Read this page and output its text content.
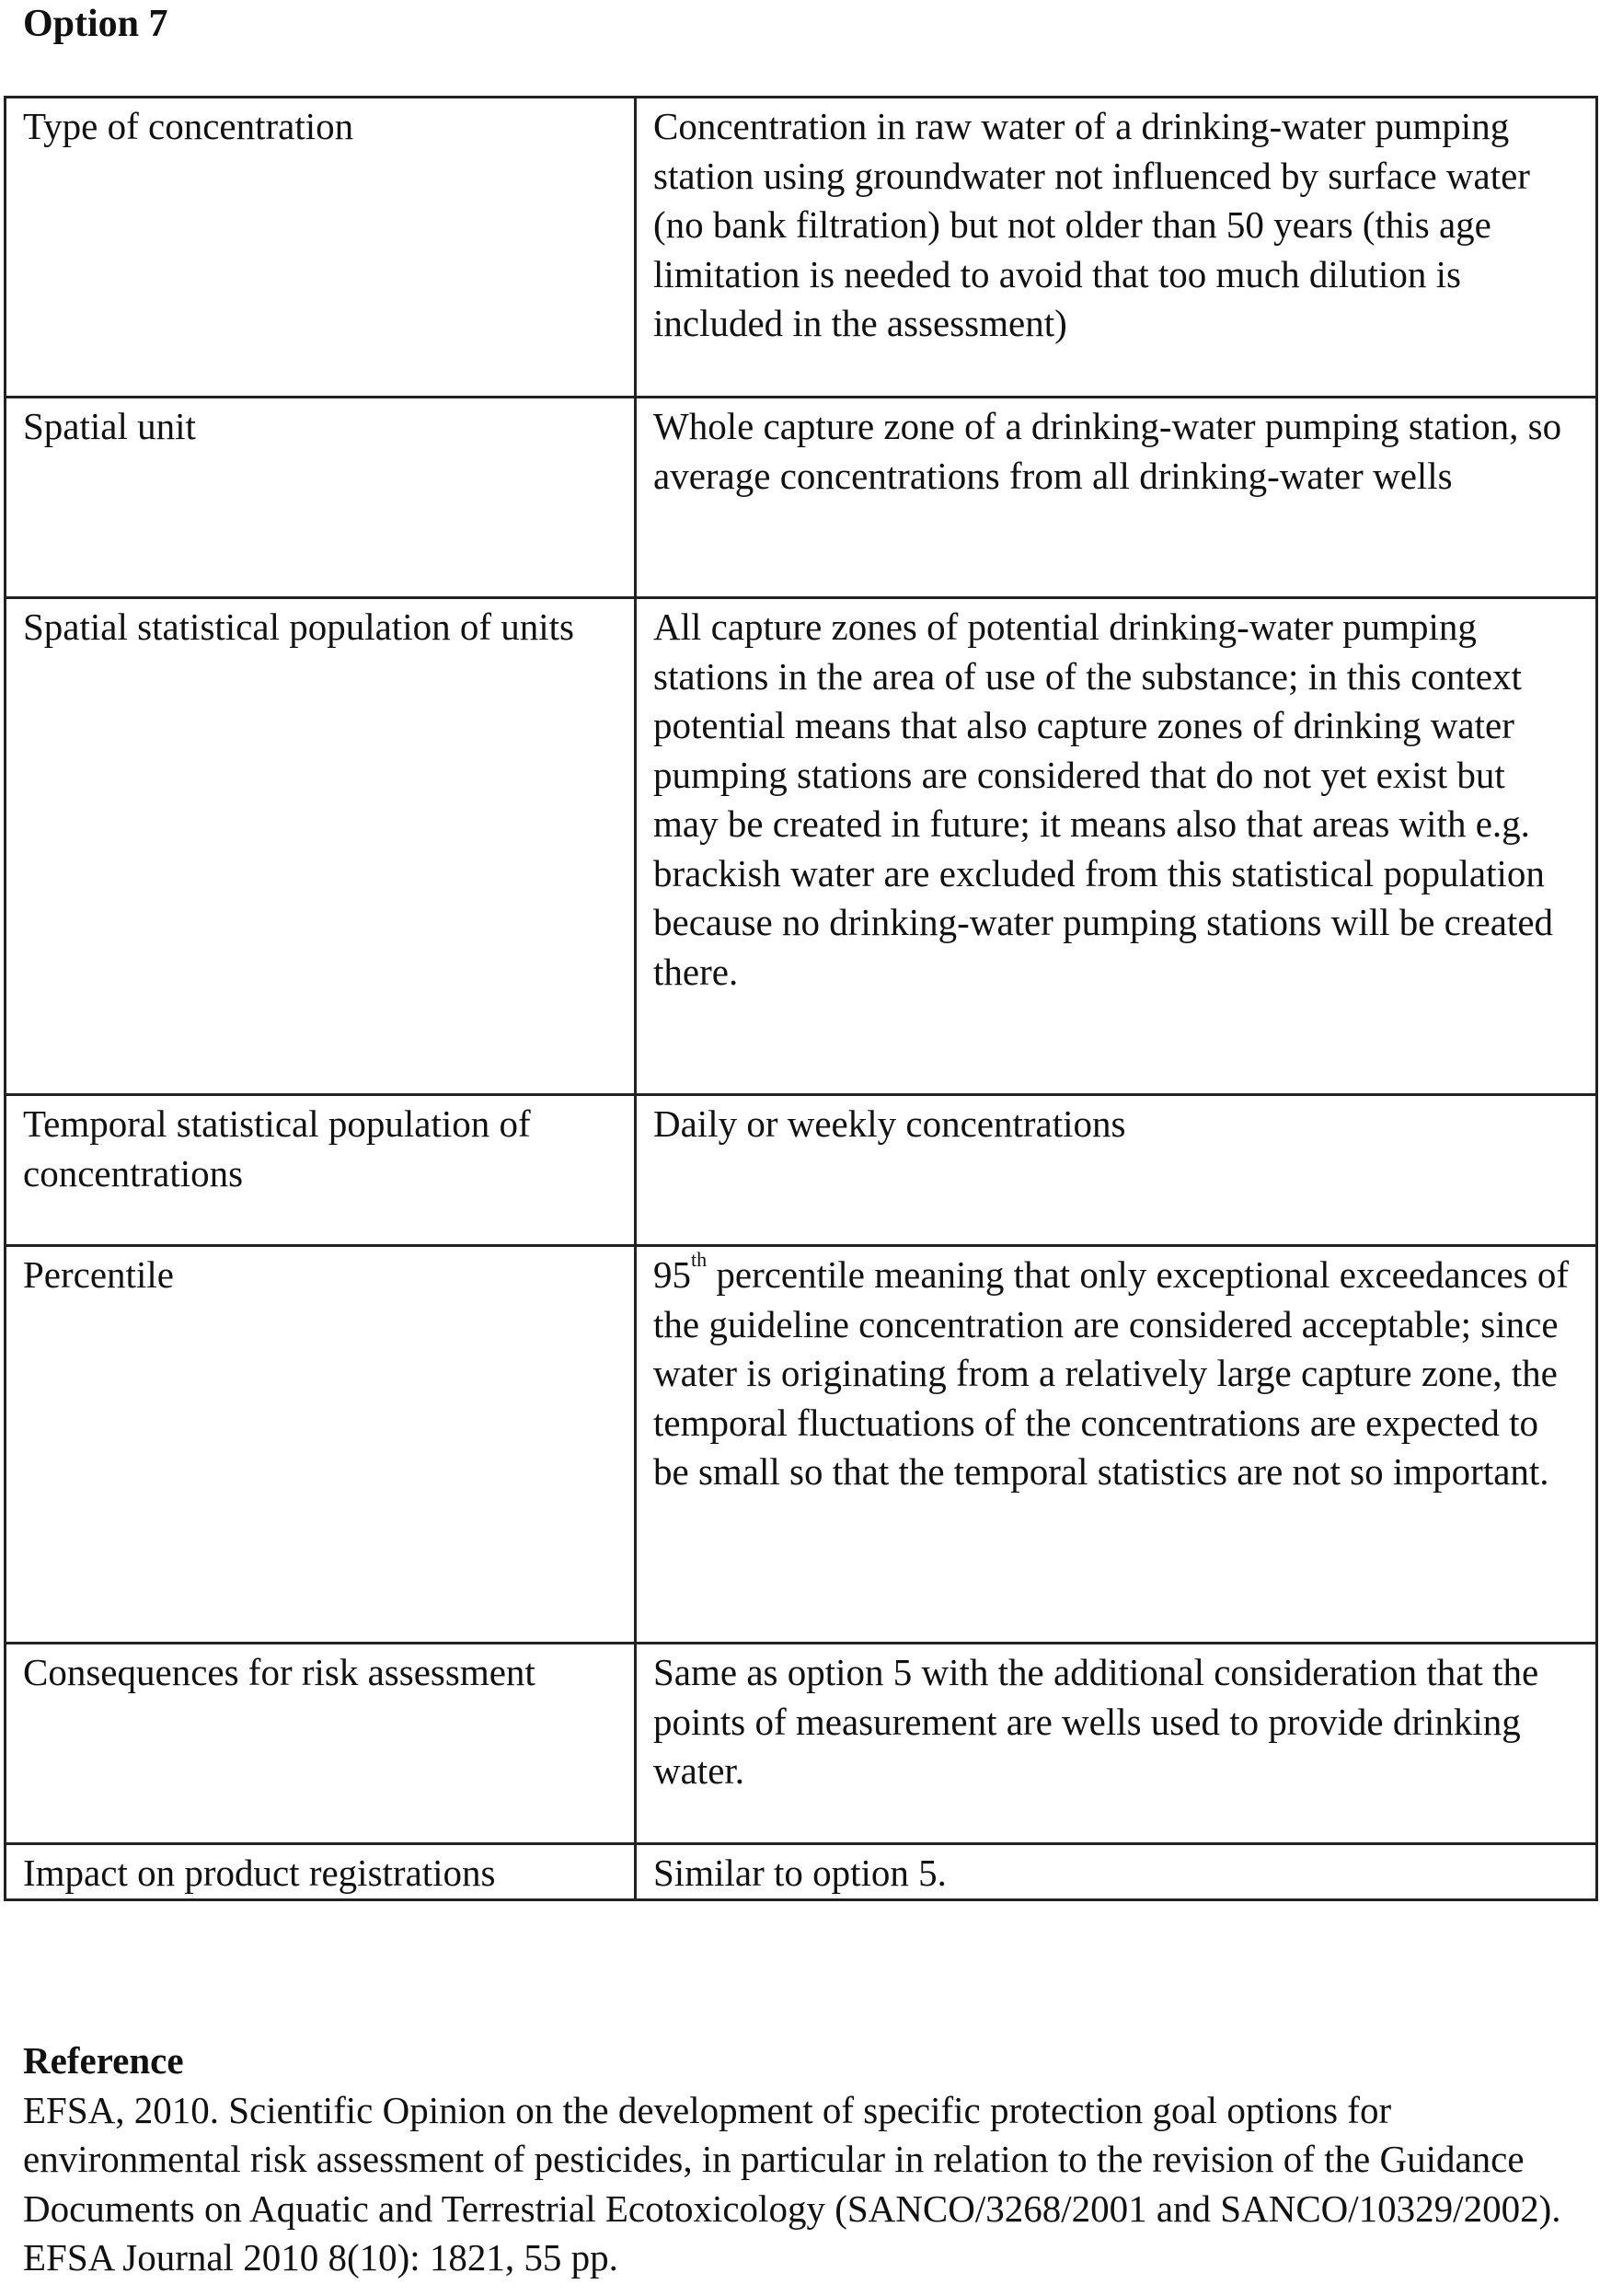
Option 7
Type of concentration	Concentration in raw water of a drinking-water pumping station using groundwater not influenced by surface water (no bank filtration) but not older than 50 years (this age limitation is needed to avoid that too much dilution is included in the assessment)
Spatial unit	Whole capture zone of a drinking-water pumping station, so average concentrations from all drinking-water wells
Spatial statistical population of units	All capture zones of potential drinking-water pumping stations in the area of use of the substance; in this context potential means that also capture zones of drinking water pumping stations are considered that do not yet exist but may be created in future; it means also that areas with e.g. brackish water are excluded from this statistical population because no drinking-water pumping stations will be created there.
Temporal statistical population of concentrations	Daily or weekly concentrations
Percentile	95th percentile meaning that only exceptional exceedances of the guideline concentration are considered acceptable; since water is originating from a relatively large capture zone, the temporal fluctuations of the concentrations are expected to be small so that the temporal statistics are not so important.
Consequences for risk assessment	Same as option 5 with the additional consideration that the points of measurement are wells used to provide drinking water.
Impact on product registrations	Similar to option 5.

Reference

EFSA, 2010. Scientific Opinion on the development of specific protection goal options for environmental risk assessment of pesticides, in particular in relation to the revision of the Guidance Documents on Aquatic and Terrestrial Ecotoxicology (SANCO/3268/2001 and SANCO/10329/2002). EFSA Journal 2010 8(10): 1821, 55 pp.
